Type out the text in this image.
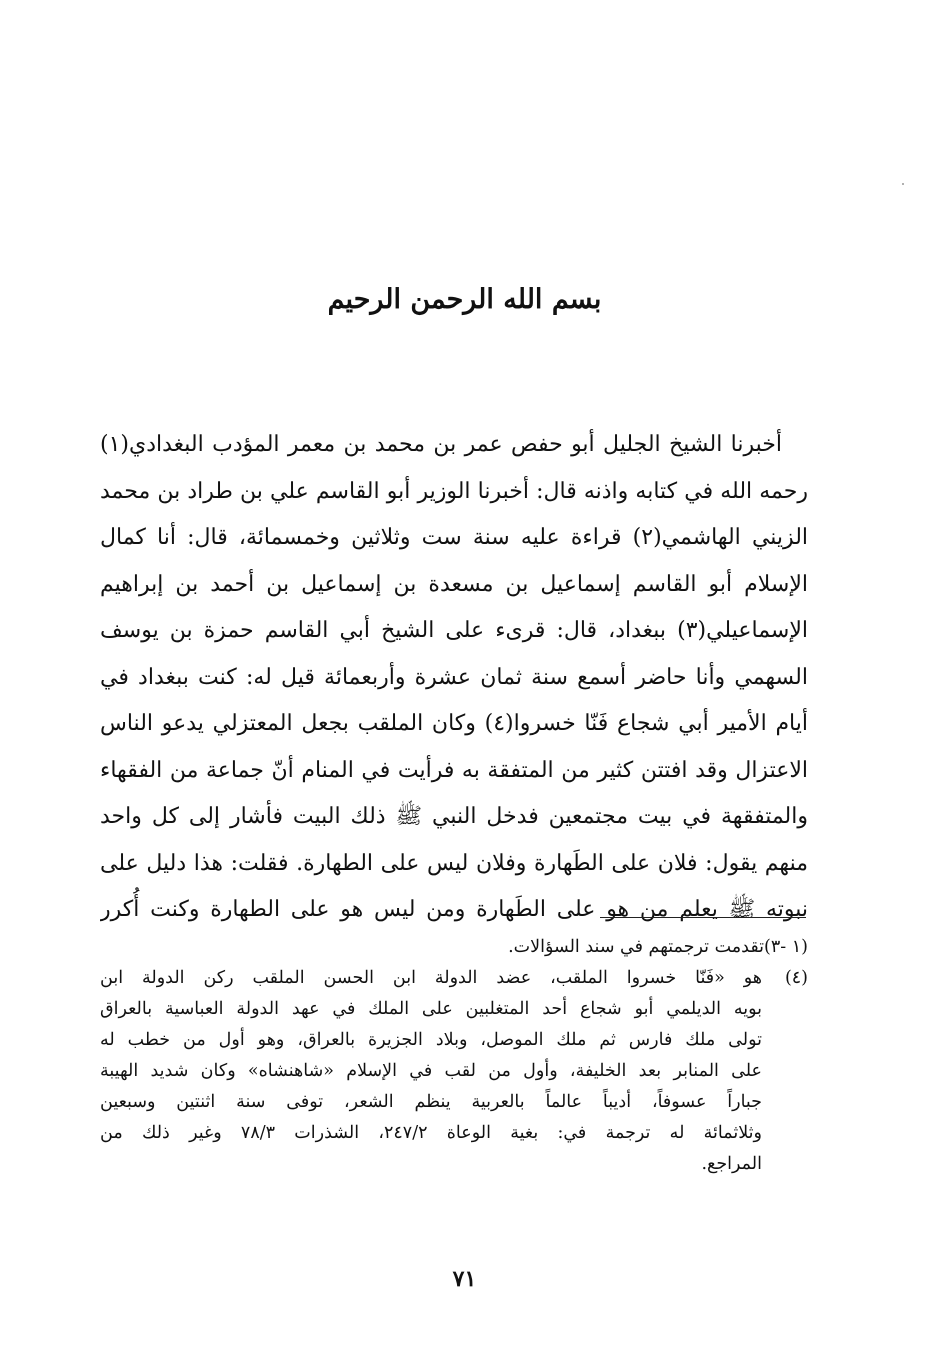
بسم الله الرحمن الرحيم
أخبرنا الشيخ الجليل أبو حفص عمر بن محمد بن معمر المؤدب البغدادي(١)
رحمه الله في كتابه واذنه قال: أخبرنا الوزير أبو القاسم علي بن طراد بن محمد
الزيني الهاشمي(٢) قراءة عليه سنة ست وثلاثين وخمسمائة، قال: أنا كمال
الإسلام أبو القاسم إسماعيل بن مسعدة بن إسماعيل بن أحمد بن إبراهيم
الإسماعيلي(٣) ببغداد، قال: قرىء على الشيخ أبي القاسم حمزة بن يوسف
السهمي وأنا حاضر أسمع سنة ثمان عشرة وأربعمائة قيل له: كنت ببغداد في
أيام الأمير أبي شجاع فَنّا خسروا(٤) وكان الملقب بجعل المعتزلي يدعو الناس
الاعتزال وقد افتتن كثير من المتفقة به فرأيت في المنام أنّ جماعة من الفقهاء
والمتفقهة في بيت مجتمعين فدخل النبي ﷺ ذلك البيت فأشار إلى كل واحد
منهم يقول: فلان على الطَهارة وفلان ليس على الطهارة. فقلت: هذا دليل على
نبوته ﷺ يعلم من هو على الطَهارة ومن ليس هو على الطهارة وكنت أُكرر
(١ -٣)تقدمت ترجمتهم في سند السؤالات.
(٤)
هو «فَنّا خسروا الملقب، عضد الدولة ابن الحسن الملقب ركن الدولة ابن
بويه الديلمي أبو شجاع أحد المتغلبين على الملك في عهد الدولة العباسية بالعراق
تولى ملك فارس ثم ملك الموصل، وبلاد الجزيرة بالعراق، وهو أول من خطب له
على المنابر بعد الخليفة، وأول من لقب في الإسلام «شاهنشاه» وكان شديد الهيبة
جباراً عسوفاً، أديباً عالماً بالعربية ينظم الشعر، توفى سنة اثنتين وسبعين
وثلاثمائة له ترجمة في: بغية الوعاة ٢٤٧/٢، الشذرات ٧٨/٣ وغير ذلك من
المراجع.
٧١
